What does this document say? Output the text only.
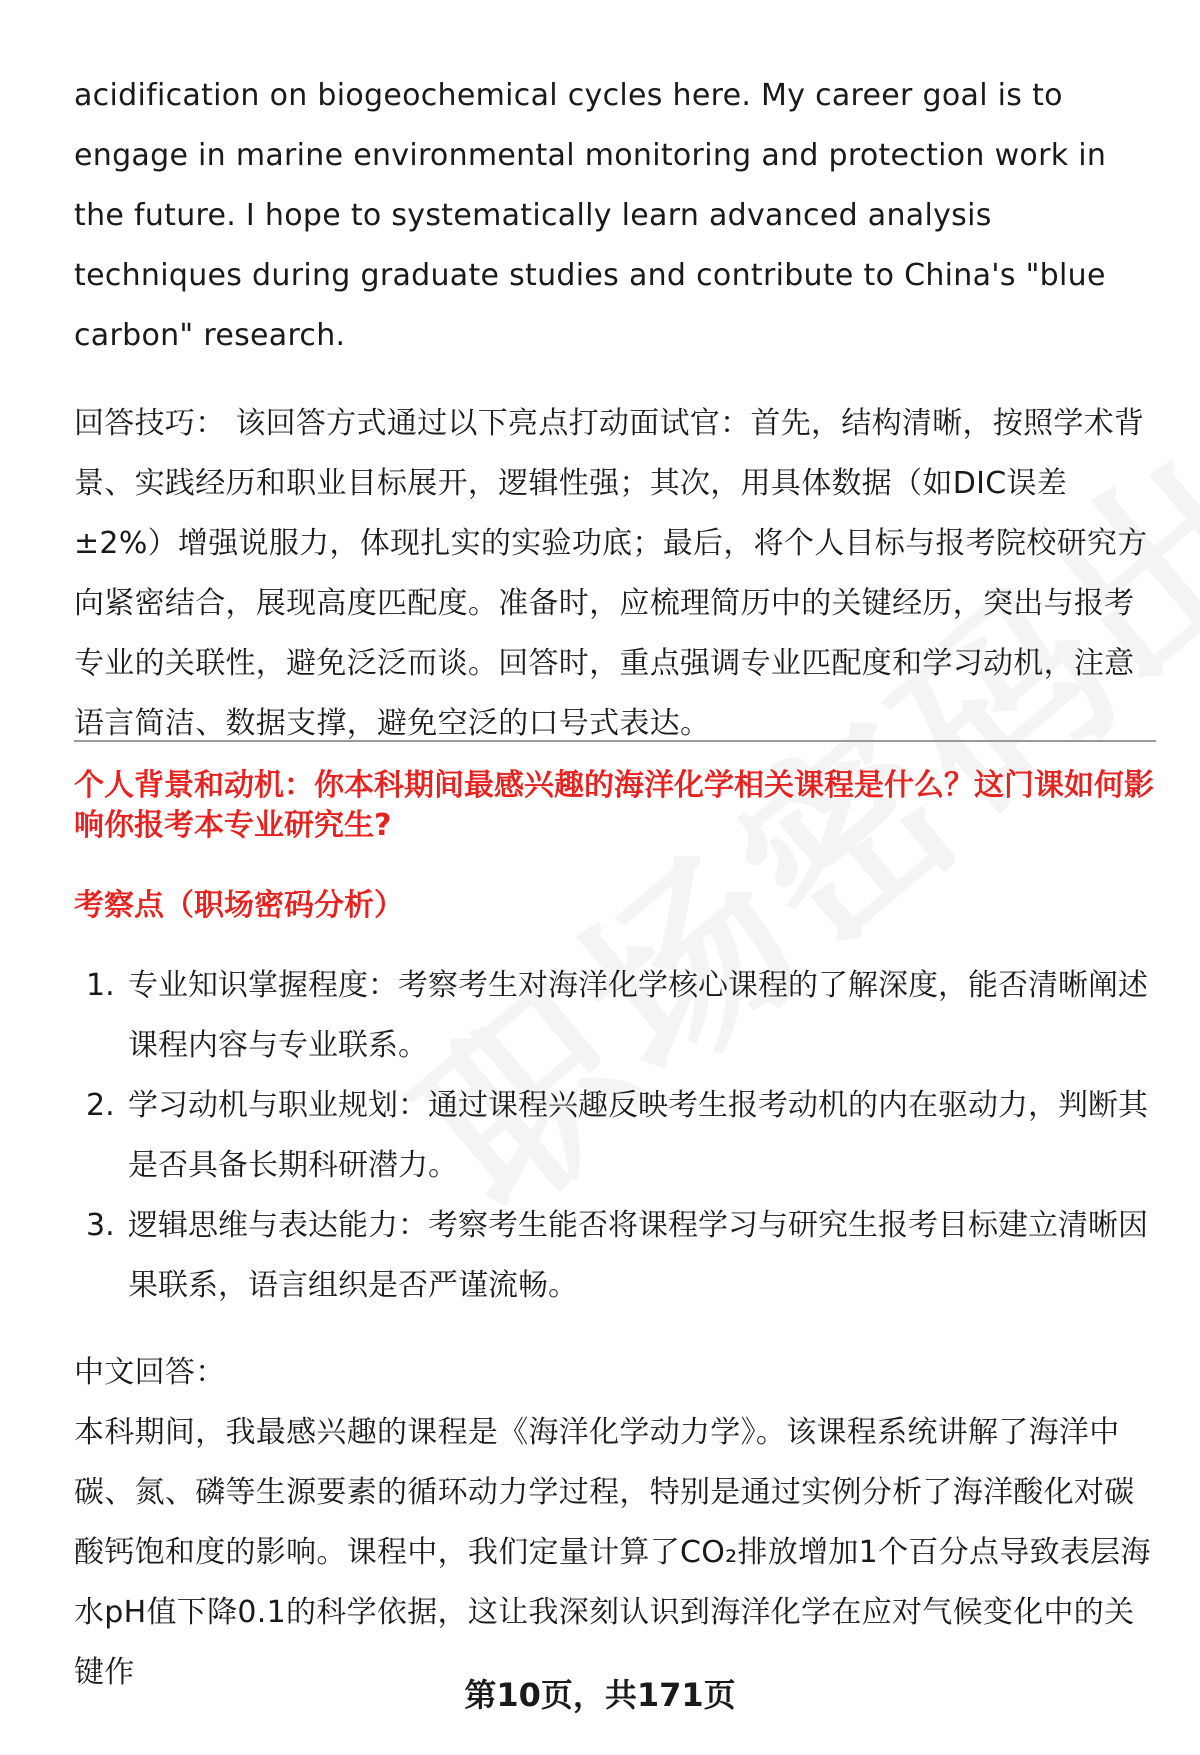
acidification on biogeochemical cycles here. My career goal is to engage in marine environmental monitoring and protection work in the future. I hope to systematically learn advanced analysis techniques during graduate studies and contribute to China's "blue carbon" research.

回答技巧： 该回答方式通过以下亮点打动面试官：首先，结构清晰，按照学术背景、实践经历和职业目标展开，逻辑性强；其次，用具体数据（如DIC误差±2%）增强说服力，体现扎实的实验功底；最后，将个人目标与报考院校研究方向紧密结合，展现高度匹配度。准备时，应梳理简历中的关键经历，突出与报考专业的关联性，避免泛泛而谈。回答时，重点强调专业匹配度和学习动机，注意语言简洁、数据支撑，避免空泛的口号式表达。

个人背景和动机：你本科期间最感兴趣的海洋化学相关课程是什么？这门课如何影响你报考本专业研究生?

考察点（职场密码分析）

1. 专业知识掌握程度：考察考生对海洋化学核心课程的了解深度，能否清晰阐述课程内容与专业联系。
2. 学习动机与职业规划：通过课程兴趣反映考生报考动机的内在驱动力，判断其是否具备长期科研潜力。
3. 逻辑思维与表达能力：考察考生能否将课程学习与研究生报考目标建立清晰因果联系，语言组织是否严谨流畅。

中文回答：

本科期间，我最感兴趣的课程是《海洋化学动力学》。该课程系统讲解了海洋中碳、氮、磷等生源要素的循环动力学过程，特别是通过实例分析了海洋酸化对碳酸钙饱和度的影响。课程中，我们定量计算了CO₂排放增加1个百分点导致表层海水pH值下降0.1的科学依据，这让我深刻认识到海洋化学在应对气候变化中的关键作

第10页，共171页
